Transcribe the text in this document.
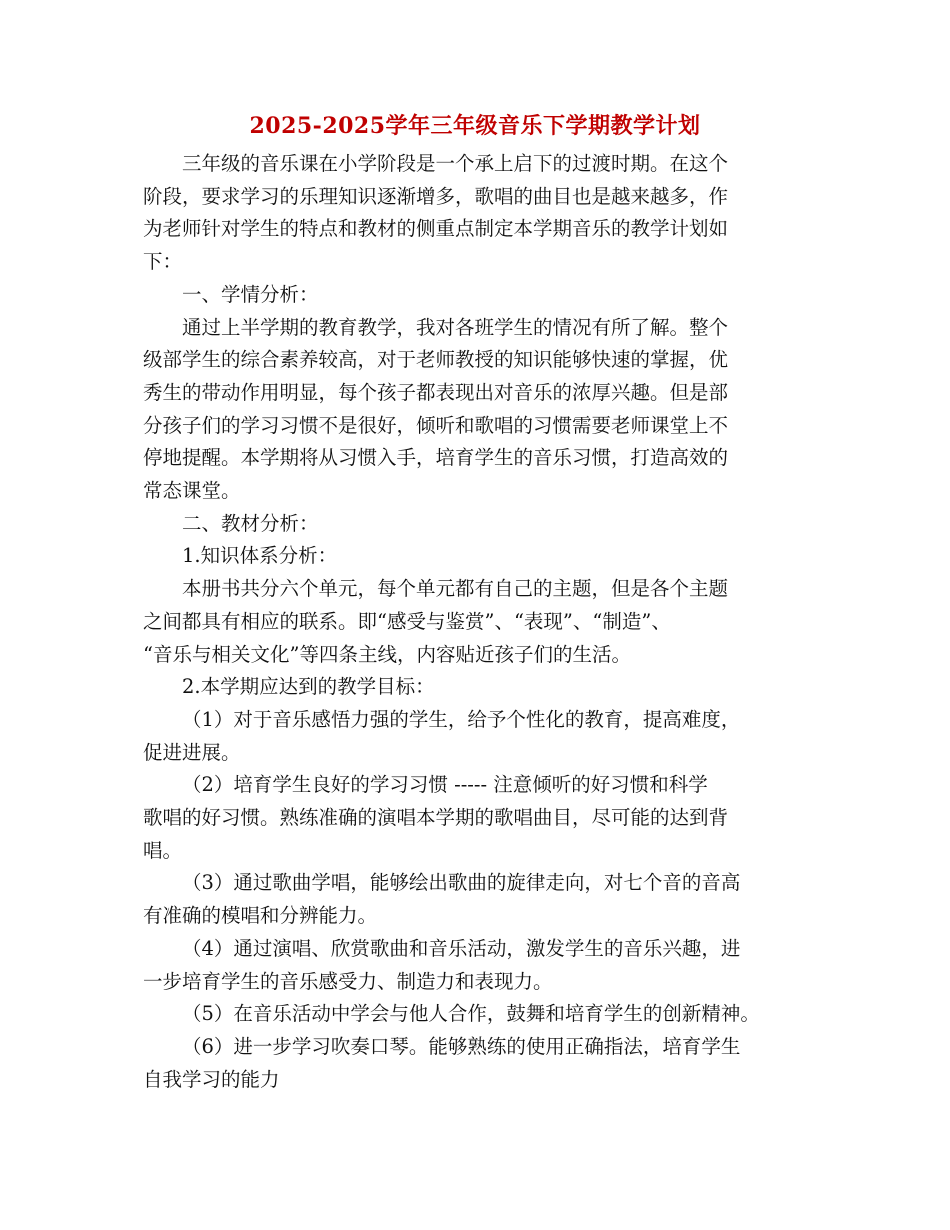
2025-2025学年三年级音乐下学期教学计划

三年级的音乐课在小学阶段是一个承上启下的过渡时期。在这个

阶段，要求学习的乐理知识逐渐增多，歌唱的曲目也是越来越多，作

为老师针对学生的特点和教材的侧重点制定本学期音乐的教学计划如

下：

一、学情分析：

通过上半学期的教育教学，我对各班学生的情况有所了解。整个

级部学生的综合素养较高，对于老师教授的知识能够快速的掌握，优

秀生的带动作用明显，每个孩子都表现出对音乐的浓厚兴趣。但是部

分孩子们的学习习惯不是很好，倾听和歌唱的习惯需要老师课堂上不

停地提醒。本学期将从习惯入手，培育学生的音乐习惯，打造高效的

常态课堂。

二、教材分析：

1.知识体系分析：

本册书共分六个单元，每个单元都有自己的主题，但是各个主题

之间都具有相应的联系。即“感受与鉴赏”、“表现”、“制造”、

“音乐与相关文化”等四条主线，内容贴近孩子们的生活。

2.本学期应达到的教学目标：

（1）对于音乐感悟力强的学生，给予个性化的教育，提高难度，

促进进展。

（2）培育学生良好的学习习惯 ----- 注意倾听的好习惯和科学

歌唱的好习惯。熟练准确的演唱本学期的歌唱曲目，尽可能的达到背

唱。

（3）通过歌曲学唱，能够绘出歌曲的旋律走向，对七个音的音高

有准确的模唱和分辨能力。

（4）通过演唱、欣赏歌曲和音乐活动，激发学生的音乐兴趣，进

一步培育学生的音乐感受力、制造力和表现力。

（5）在音乐活动中学会与他人合作，鼓舞和培育学生的创新精神。

（6）进一步学习吹奏口琴。能够熟练的使用正确指法，培育学生

自我学习的能力
